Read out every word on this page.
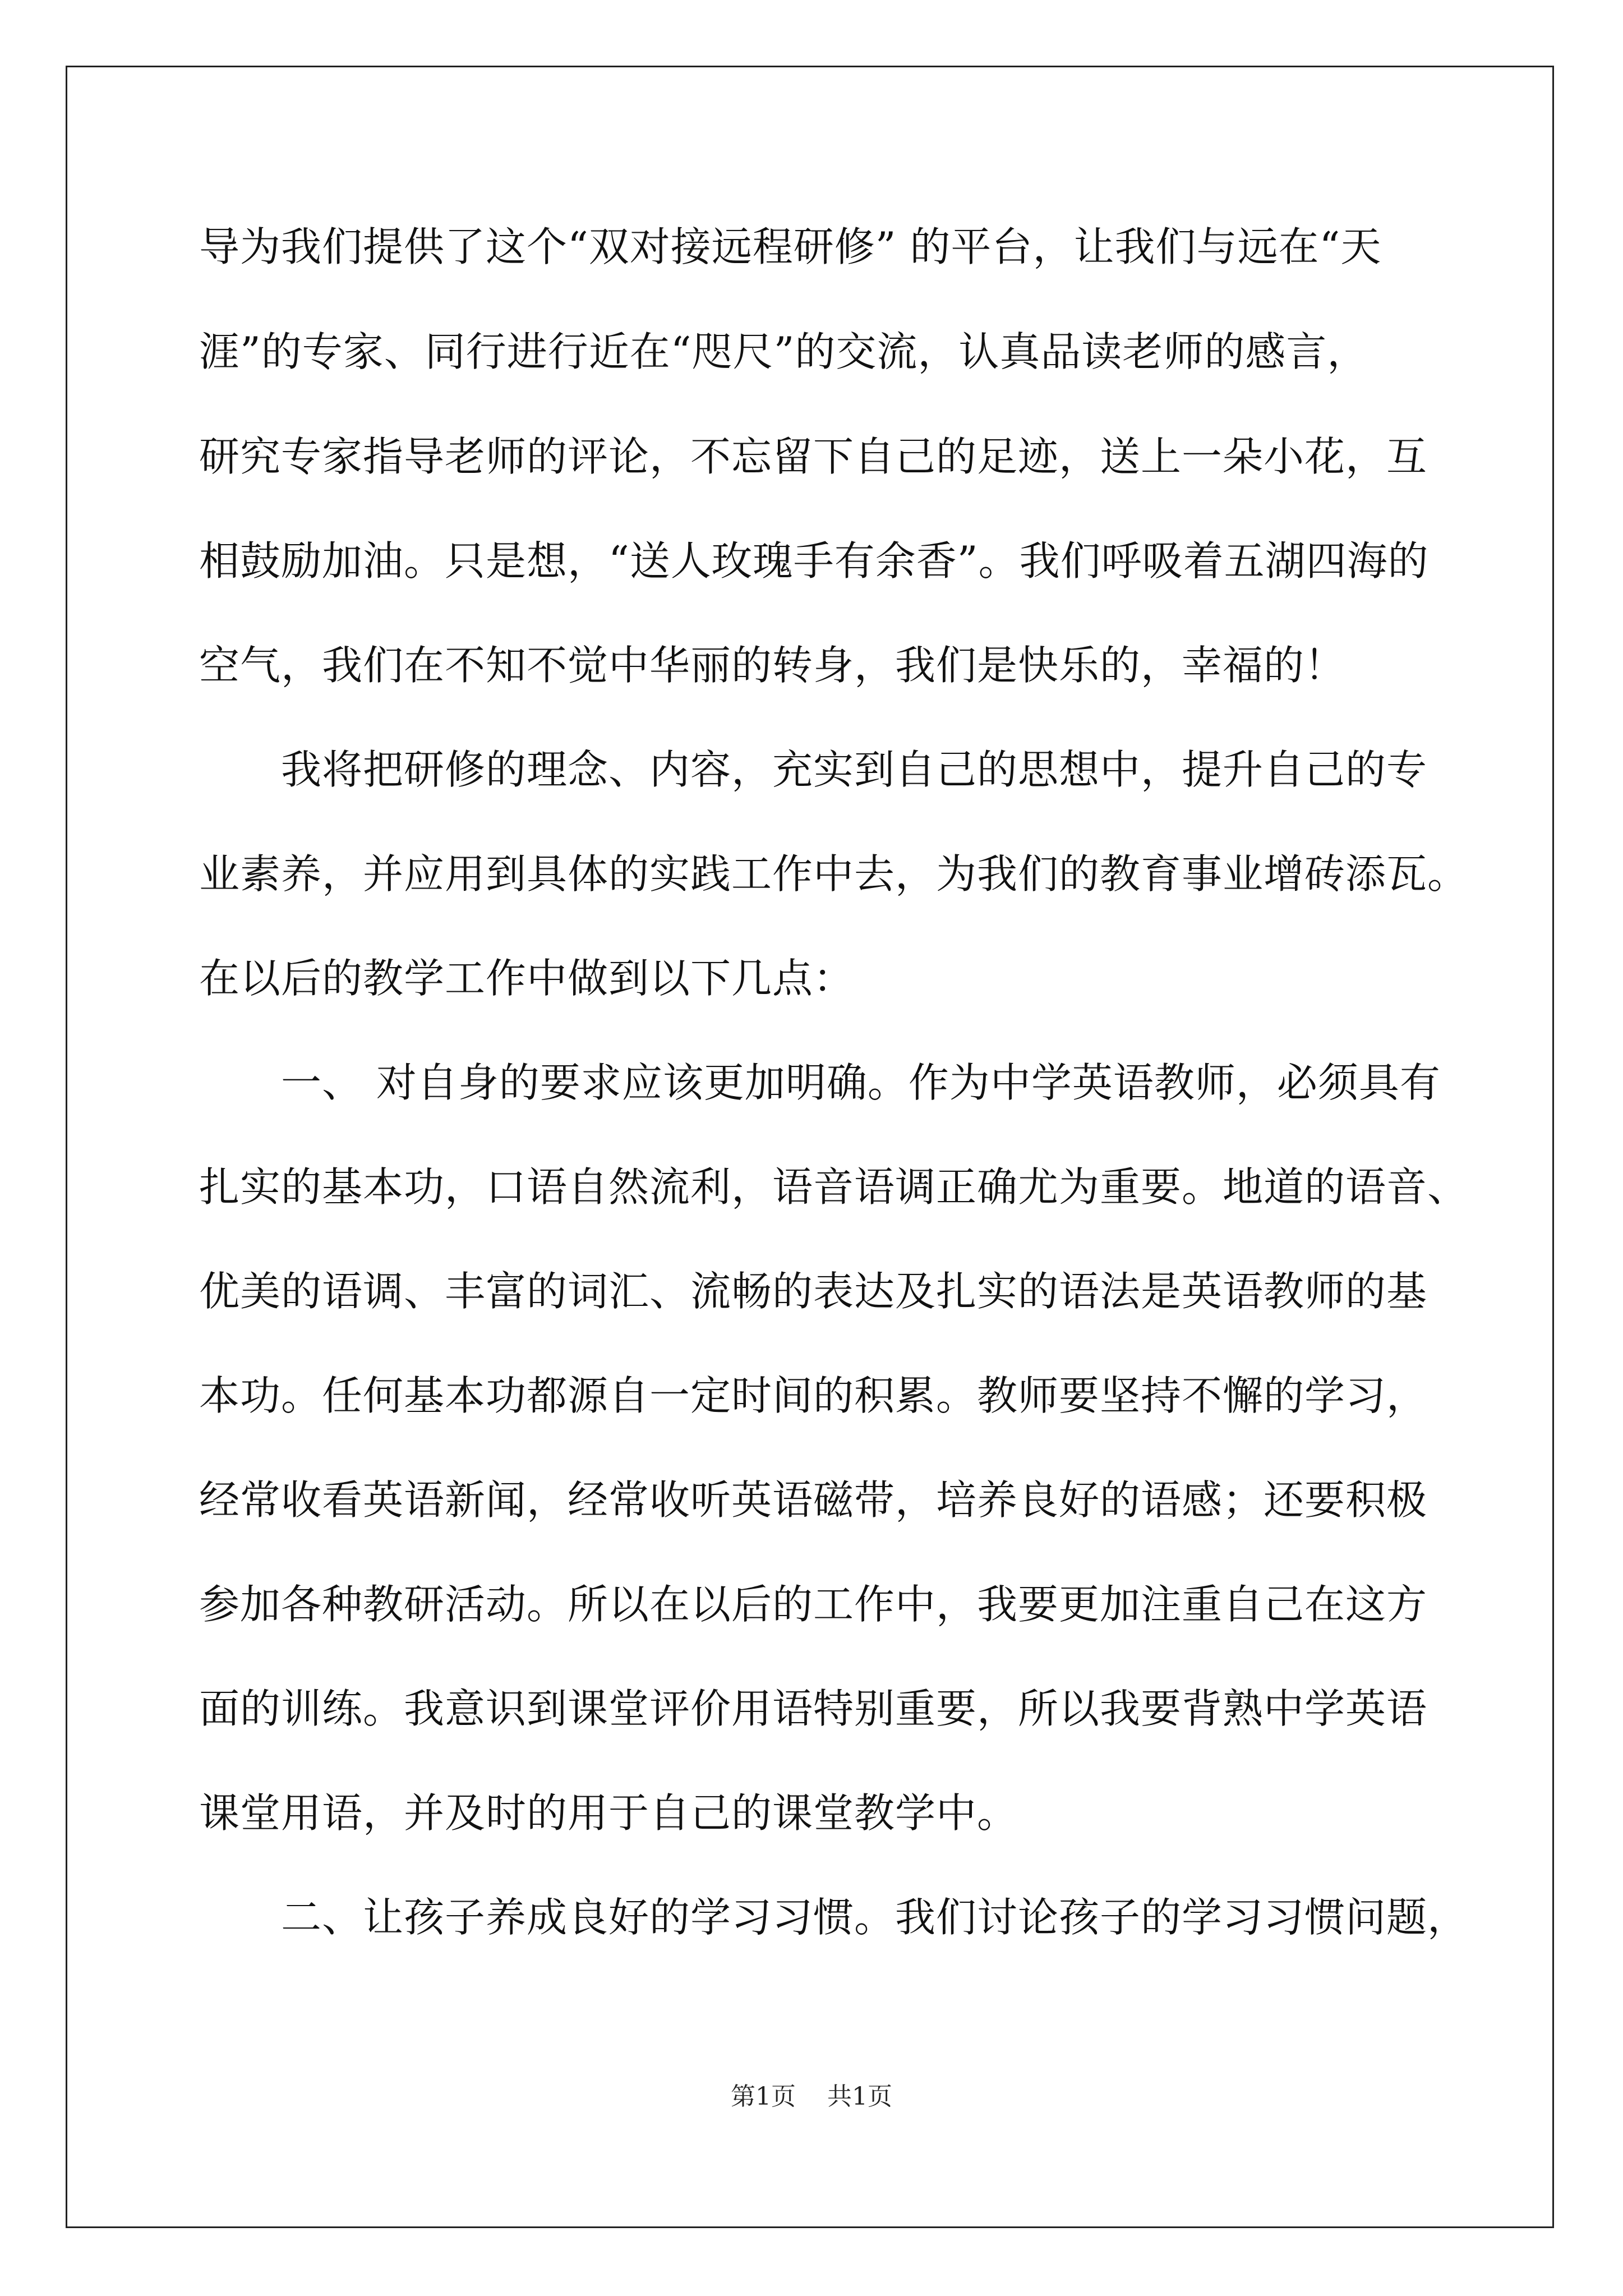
导为我们提供了这个“双对接远程研修” 的平台，让我们与远在“天
涯”的专家、同行进行近在“咫尺”的交流，认真品读老师的感言，
研究专家指导老师的评论，不忘留下自己的足迹，送上一朵小花，互
相鼓励加油。只是想，“送人玫瑰手有余香”。我们呼吸着五湖四海的
空气，我们在不知不觉中华丽的转身，我们是快乐的，幸福的！
我将把研修的理念、内容，充实到自己的思想中，提升自己的专
业素养，并应用到具体的实践工作中去，为我们的教育事业增砖添瓦。
在以后的教学工作中做到以下几点：
一、 对自身的要求应该更加明确。作为中学英语教师，必须具有
扎实的基本功，口语自然流利，语音语调正确尤为重要。地道的语音、
优美的语调、丰富的词汇、流畅的表达及扎实的语法是英语教师的基
本功。任何基本功都源自一定时间的积累。教师要坚持不懈的学习，
经常收看英语新闻，经常收听英语磁带，培养良好的语感；还要积极
参加各种教研活动。所以在以后的工作中，我要更加注重自己在这方
面的训练。我意识到课堂评价用语特别重要，所以我要背熟中学英语
课堂用语，并及时的用于自己的课堂教学中。
二、让孩子养成良好的学习习惯。我们讨论孩子的学习习惯问题，
第1页    共1页
